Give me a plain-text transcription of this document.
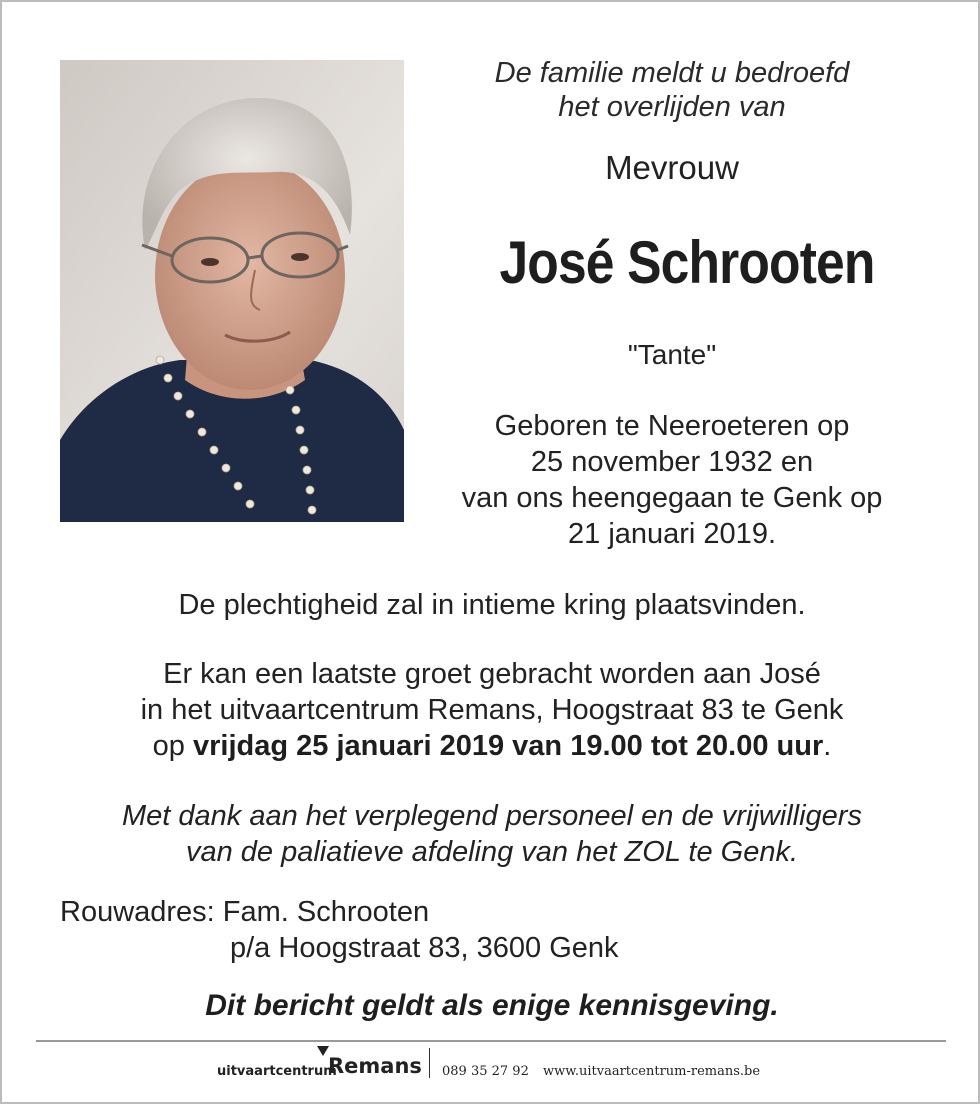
De familie meldt u bedroefd
het overlijden van
Mevrouw
José Schrooten
"Tante"
Geboren te Neeroeteren op
25 november 1932 en
van ons heengegaan te Genk op
21 januari 2019.
De plechtigheid zal in intieme kring plaatsvinden.
Er kan een laatste groet gebracht worden aan José
in het uitvaartcentrum Remans, Hoogstraat 83 te Genk
op vrijdag 25 januari 2019 van 19.00 tot 20.00 uur.
Met dank aan het verplegend personeel en de vrijwilligers
van de paliatieve afdeling van het ZOL te Genk.
Rouwadres: Fam. Schrooten
p/a Hoogstraat 83, 3600 Genk
Dit bericht geldt als enige kennisgeving.
uitvaartcentrum
Remans 089 35 27 92 www.uitvaartcentrum-remans.be
